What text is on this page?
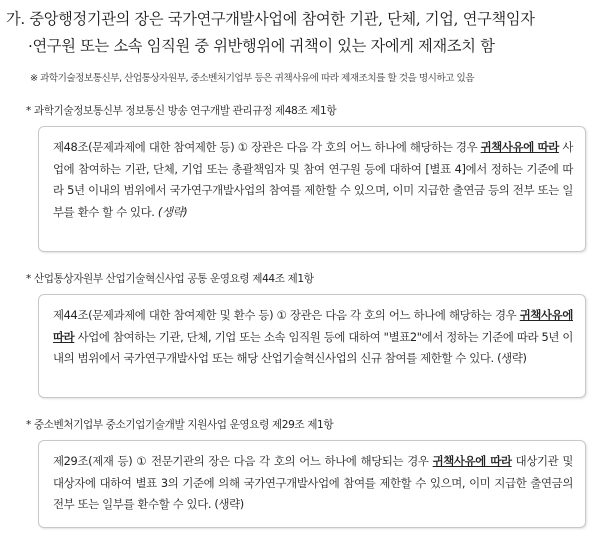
가. 중앙행정기관의 장은 국가연구개발사업에 참여한 기관, 단체, 기업, 연구책임자
·연구원 또는 소속 임직원 중 위반행위에 귀책이 있는 자에게 제재조치 함
※ 과학기술정보통신부, 산업통상자원부, 중소벤처기업부 등은 귀책사유에 따라 제재조치를 할 것을 명시하고 있음
* 과학기술정보통신부 정보통신 방송 연구개발 관리규정 제48조 제1항
제48조(문제과제에 대한 참여제한 등) ① 장관은 다음 각 호의 어느 하나에 해당하는 경우 귀책사유에 따라 사업에 참여하는 기관, 단체, 기업 또는 총괄책임자 및 참여 연구원 등에 대하여 [별표 4]에서 정하는 기준에 따라 5년 이내의 범위에서 국가연구개발사업의 참여를 제한할 수 있으며, 이미 지급한 출연금 등의 전부 또는 일부를 환수 할 수 있다. (생략)
* 산업통상자원부 산업기술혁신사업 공통 운영요령 제44조 제1항
제44조(문제과제에 대한 참여제한 및 환수 등) ① 장관은 다음 각 호의 어느 하나에 해당하는 경우 귀책사유에 따라 사업에 참여하는 기관, 단체, 기업 또는 소속 임직원 등에 대하여 "별표2"에서 정하는 기준에 따라 5년 이내의 범위에서 국가연구개발사업 또는 해당 산업기술혁신사업의 신규 참여를 제한할 수 있다. (생략)
* 중소벤처기업부 중소기업기술개발 지원사업 운영요령 제29조 제1항
제29조(제재 등) ① 전문기관의 장은 다음 각 호의 어느 하나에 해당되는 경우 귀책사유에 따라 대상기관 및 대상자에 대하여 별표 3의 기준에 의해 국가연구개발사업에 참여를 제한할 수 있으며, 이미 지급한 출연금의 전부 또는 일부를 환수할 수 있다. (생략)
